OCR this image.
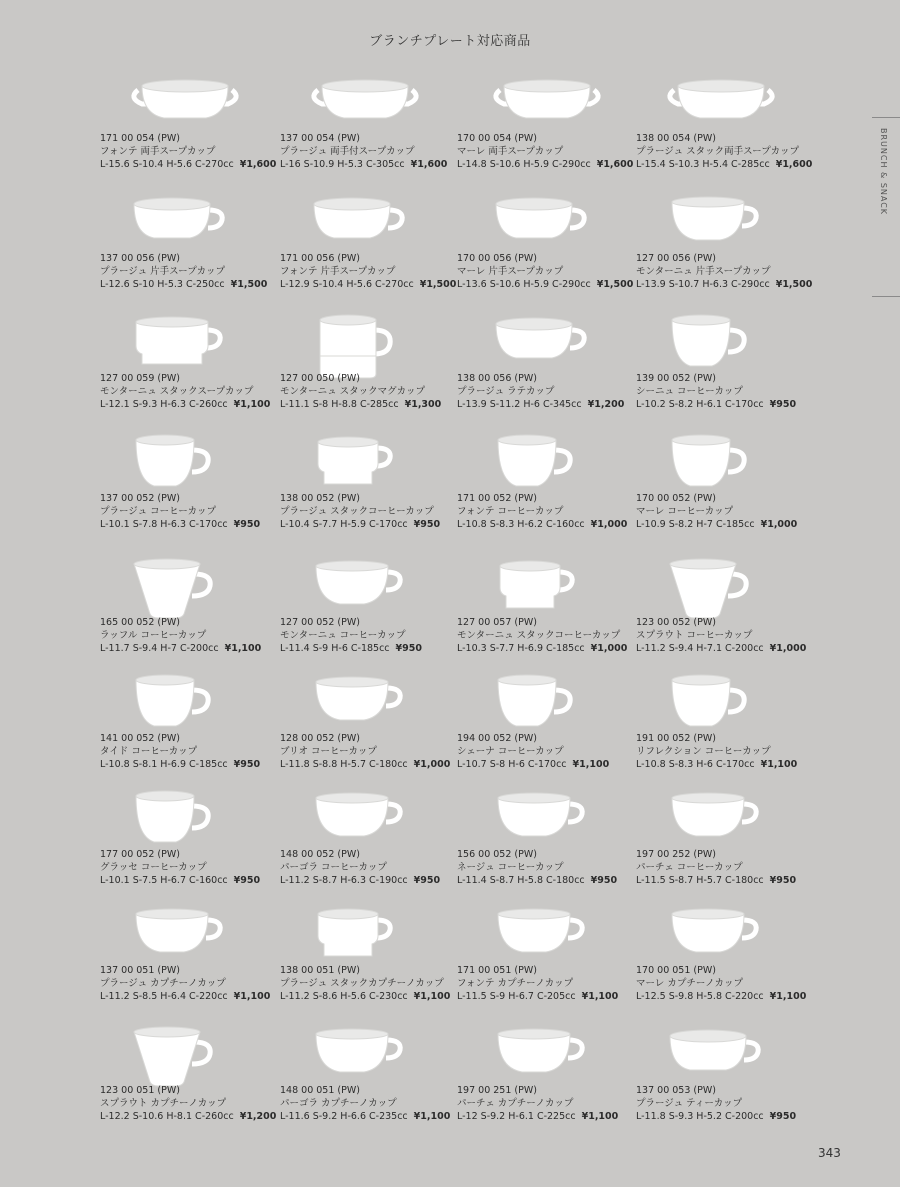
ブランチプレート対応商品
BRUNCH & SNACK
171 00 054 (PW)
フォンテ 両手スープカップ
L-15.6 S-10.4 H-5.6 C-270cc ¥1,600
137 00 054 (PW)
プラージュ 両手付スープカップ
L-16 S-10.9 H-5.3 C-305cc ¥1,600
170 00 054 (PW)
マーレ 両手スープカップ
L-14.8 S-10.6 H-5.9 C-290cc ¥1,600
138 00 054 (PW)
プラージュ スタック両手スープカップ
L-15.4 S-10.3 H-5.4 C-285cc ¥1,600
137 00 056 (PW)
プラージュ 片手スープカップ
L-12.6 S-10 H-5.3 C-250cc ¥1,500
171 00 056 (PW)
フォンテ 片手スープカップ
L-12.9 S-10.4 H-5.6 C-270cc ¥1,500
170 00 056 (PW)
マーレ 片手スープカップ
L-13.6 S-10.6 H-5.9 C-290cc ¥1,500
127 00 056 (PW)
モンターニュ 片手スープカップ
L-13.9 S-10.7 H-6.3 C-290cc ¥1,500
127 00 059 (PW)
モンターニュ スタックスープカップ
L-12.1 S-9.3 H-6.3 C-260cc ¥1,100
127 00 050 (PW)
モンターニュ スタックマグカップ
L-11.1 S-8 H-8.8 C-285cc ¥1,300
138 00 056 (PW)
プラージュ ラテカップ
L-13.9 S-11.2 H-6 C-345cc ¥1,200
139 00 052 (PW)
シーニュ コーヒーカップ
L-10.2 S-8.2 H-6.1 C-170cc ¥950
137 00 052 (PW)
プラージュ コーヒーカップ
L-10.1 S-7.8 H-6.3 C-170cc ¥950
138 00 052 (PW)
プラージュ スタックコーヒーカップ
L-10.4 S-7.7 H-5.9 C-170cc ¥950
171 00 052 (PW)
フォンテ コーヒーカップ
L-10.8 S-8.3 H-6.2 C-160cc ¥1,000
170 00 052 (PW)
マーレ コーヒーカップ
L-10.9 S-8.2 H-7 C-185cc ¥1,000
165 00 052 (PW)
ラッフル コーヒーカップ
L-11.7 S-9.4 H-7 C-200cc ¥1,100
127 00 052 (PW)
モンターニュ コーヒーカップ
L-11.4 S-9 H-6 C-185cc ¥950
127 00 057 (PW)
モンターニュ スタックコーヒーカップ
L-10.3 S-7.7 H-6.9 C-185cc ¥1,000
123 00 052 (PW)
スプラウト コーヒーカップ
L-11.2 S-9.4 H-7.1 C-200cc ¥1,000
141 00 052 (PW)
タイド コーヒーカップ
L-10.8 S-8.1 H-6.9 C-185cc ¥950
128 00 052 (PW)
ブリオ コーヒーカップ
L-11.8 S-8.8 H-5.7 C-180cc ¥1,000
194 00 052 (PW)
シェーナ コーヒーカップ
L-10.7 S-8 H-6 C-170cc ¥1,100
191 00 052 (PW)
リフレクション コーヒーカップ
L-10.8 S-8.3 H-6 C-170cc ¥1,100
177 00 052 (PW)
グラッセ コーヒーカップ
L-10.1 S-7.5 H-6.7 C-160cc ¥950
148 00 052 (PW)
パーゴラ コーヒーカップ
L-11.2 S-8.7 H-6.3 C-190cc ¥950
156 00 052 (PW)
ネージュ コーヒーカップ
L-11.4 S-8.7 H-5.8 C-180cc ¥950
197 00 252 (PW)
パーチェ コーヒーカップ
L-11.5 S-8.7 H-5.7 C-180cc ¥950
137 00 051 (PW)
プラージュ カプチーノカップ
L-11.2 S-8.5 H-6.4 C-220cc ¥1,100
138 00 051 (PW)
プラージュ スタックカプチーノカップ
L-11.2 S-8.6 H-5.6 C-230cc ¥1,100
171 00 051 (PW)
フォンテ カプチーノカップ
L-11.5 S-9 H-6.7 C-205cc ¥1,100
170 00 051 (PW)
マーレ カプチーノカップ
L-12.5 S-9.8 H-5.8 C-220cc ¥1,100
123 00 051 (PW)
スプラウト カプチーノカップ
L-12.2 S-10.6 H-8.1 C-260cc ¥1,200
148 00 051 (PW)
パーゴラ カプチーノカップ
L-11.6 S-9.2 H-6.6 C-235cc ¥1,100
197 00 251 (PW)
パーチェ カプチーノカップ
L-12 S-9.2 H-6.1 C-225cc ¥1,100
137 00 053 (PW)
プラージュ ティーカップ
L-11.8 S-9.3 H-5.2 C-200cc ¥950
343
